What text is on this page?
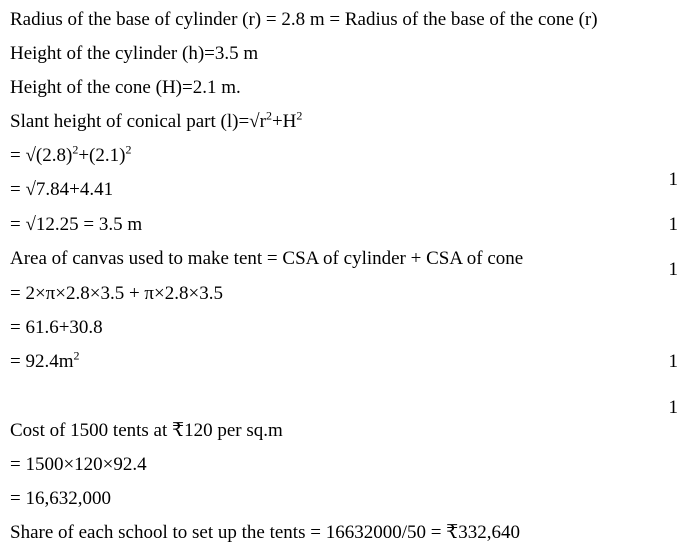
Radius of the base of cylinder (r) = 2.8 m = Radius of the base of the cone (r)
Height of the cylinder (h)=3.5 m
Height of the cone (H)=2.1 m.
Slant height of conical part $(l)=√r^2+H^2$
= $√(2.8)^2+(2.1)^2$
= √7.84+4.41
= √12.25 = 3.5 m
Area of canvas used to make tent = CSA of cylinder + CSA of cone
= 2×π×2.8×3.5 + π×2.8×3.5
= 61.6+30.8
= $92.4m^2$
Cost of 1500 tents at ₹120 per sq.m
= 1500×120×92.4
= 16,632,000
Share of each school to set up the tents = 16632000/50 = ₹332,640
1
1
1
1
1
